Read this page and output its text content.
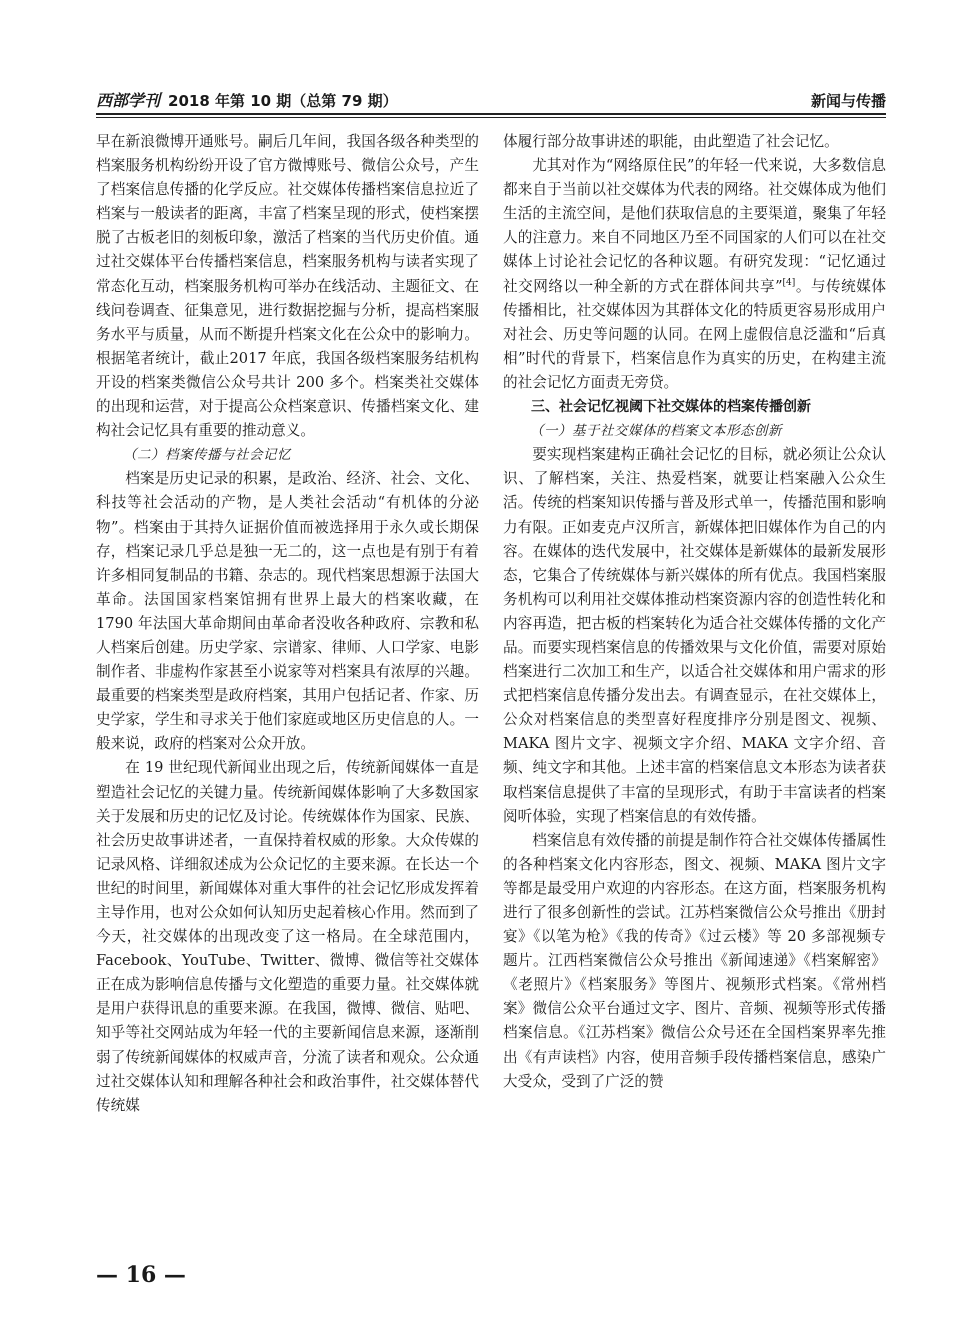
西部学刊 2018 年第 10 期（总第 79 期）	新闻与传播

早在新浪微博开通账号。嗣后几年间，我国各级各种类型的档案服务机构纷纷开设了官方微博账号、微信公众号，产生了档案信息传播的化学反应。社交媒体传播档案信息拉近了档案与一般读者的距离，丰富了档案呈现的形式，使档案摆脱了古板老旧的刻板印象，激活了档案的当代历史价值。通过社交媒体平台传播档案信息，档案服务机构与读者实现了常态化互动，档案服务机构可举办在线活动、主题征文、在线问卷调查、征集意见，进行数据挖掘与分析，提高档案服务水平与质量，从而不断提升档案文化在公众中的影响力。根据笔者统计，截止2017 年底，我国各级档案服务结机构开设的档案类微信公众号共计 200 多个。档案类社交媒体的出现和运营，对于提高公众档案意识、传播档案文化、建构社会记忆具有重要的推动意义。

（二）档案传播与社会记忆

档案是历史记录的积累，是政治、经济、社会、文化、科技等社会活动的产物，是人类社会活动“有机体的分泌物”。档案由于其持久证据价值而被选择用于永久或长期保存，档案记录几乎总是独一无二的，这一点也是有别于有着许多相同复制品的书籍、杂志的。现代档案思想源于法国大革命。法国国家档案馆拥有世界上最大的档案收藏，在 1790 年法国大革命期间由革命者没收各种政府、宗教和私人档案后创建。历史学家、宗谱家、律师、人口学家、电影制作者、非虚构作家甚至小说家等对档案具有浓厚的兴趣。最重要的档案类型是政府档案，其用户包括记者、作家、历史学家，学生和寻求关于他们家庭或地区历史信息的人。一般来说，政府的档案对公众开放。

在 19 世纪现代新闻业出现之后，传统新闻媒体一直是塑造社会记忆的关键力量。传统新闻媒体影响了大多数国家关于发展和历史的记忆及讨论。传统媒体作为国家、民族、社会历史故事讲述者，一直保持着权威的形象。大众传媒的记录风格、详细叙述成为公众记忆的主要来源。在长达一个世纪的时间里，新闻媒体对重大事件的社会记忆形成发挥着主导作用，也对公众如何认知历史起着核心作用。然而到了今天，社交媒体的出现改变了这一格局。在全球范围内，Facebook、YouTube、Twitter、微博、微信等社交媒体正在成为影响信息传播与文化塑造的重要力量。社交媒体就是用户获得讯息的重要来源。在我国，微博、微信、贴吧、知乎等社交网站成为年轻一代的主要新闻信息来源，逐渐削弱了传统新闻媒体的权威声音，分流了读者和观众。公众通过社交媒体认知和理解各种社会和政治事件，社交媒体替代传统媒

体履行部分故事讲述的职能，由此塑造了社会记忆。

尤其对作为“网络原住民”的年轻一代来说，大多数信息都来自于当前以社交媒体为代表的网络。社交媒体成为他们生活的主流空间，是他们获取信息的主要渠道，聚集了年轻人的注意力。来自不同地区乃至不同国家的人们可以在社交媒体上讨论社会记忆的各种议题。有研究发现：“记忆通过社交网络以一种全新的方式在群体间共享”[4]。与传统媒体传播相比，社交媒体因为其群体文化的特质更容易形成用户对社会、历史等问题的认同。在网上虚假信息泛滥和“后真相”时代的背景下，档案信息作为真实的历史，在构建主流的社会记忆方面责无旁贷。

三、社会记忆视阈下社交媒体的档案传播创新

（一）基于社交媒体的档案文本形态创新

要实现档案建构正确社会记忆的目标，就必须让公众认识、了解档案，关注、热爱档案，就要让档案融入公众生活。传统的档案知识传播与普及形式单一，传播范围和影响力有限。正如麦克卢汉所言，新媒体把旧媒体作为自己的内容。在媒体的迭代发展中，社交媒体是新媒体的最新发展形态，它集合了传统媒体与新兴媒体的所有优点。我国档案服务机构可以利用社交媒体推动档案资源内容的创造性转化和内容再造，把古板的档案转化为适合社交媒体传播的文化产品。而要实现档案信息的传播效果与文化价值，需要对原始档案进行二次加工和生产，以适合社交媒体和用户需求的形式把档案信息传播分发出去。有调查显示，在社交媒体上，公众对档案信息的类型喜好程度排序分别是图文、视频、MAKA 图片文字、视频文字介绍、MAKA 文字介绍、音频、纯文字和其他。上述丰富的档案信息文本形态为读者获取档案信息提供了丰富的呈现形式，有助于丰富读者的档案阅听体验，实现了档案信息的有效传播。

档案信息有效传播的前提是制作符合社交媒体传播属性的各种档案文化内容形态，图文、视频、MAKA 图片文字等都是最受用户欢迎的内容形态。在这方面，档案服务机构进行了很多创新性的尝试。江苏档案微信公众号推出《册封宴》《以笔为枪》《我的传奇》《过云楼》等 20 多部视频专题片。江西档案微信公众号推出《新闻速递》《档案解密》《老照片》《档案服务》等图片、视频形式档案。《常州档案》微信公众平台通过文字、图片、音频、视频等形式传播档案信息。《江苏档案》微信公众号还在全国档案界率先推出《有声读档》内容，使用音频手段传播档案信息，感染广大受众，受到了广泛的赞

— 16 —
